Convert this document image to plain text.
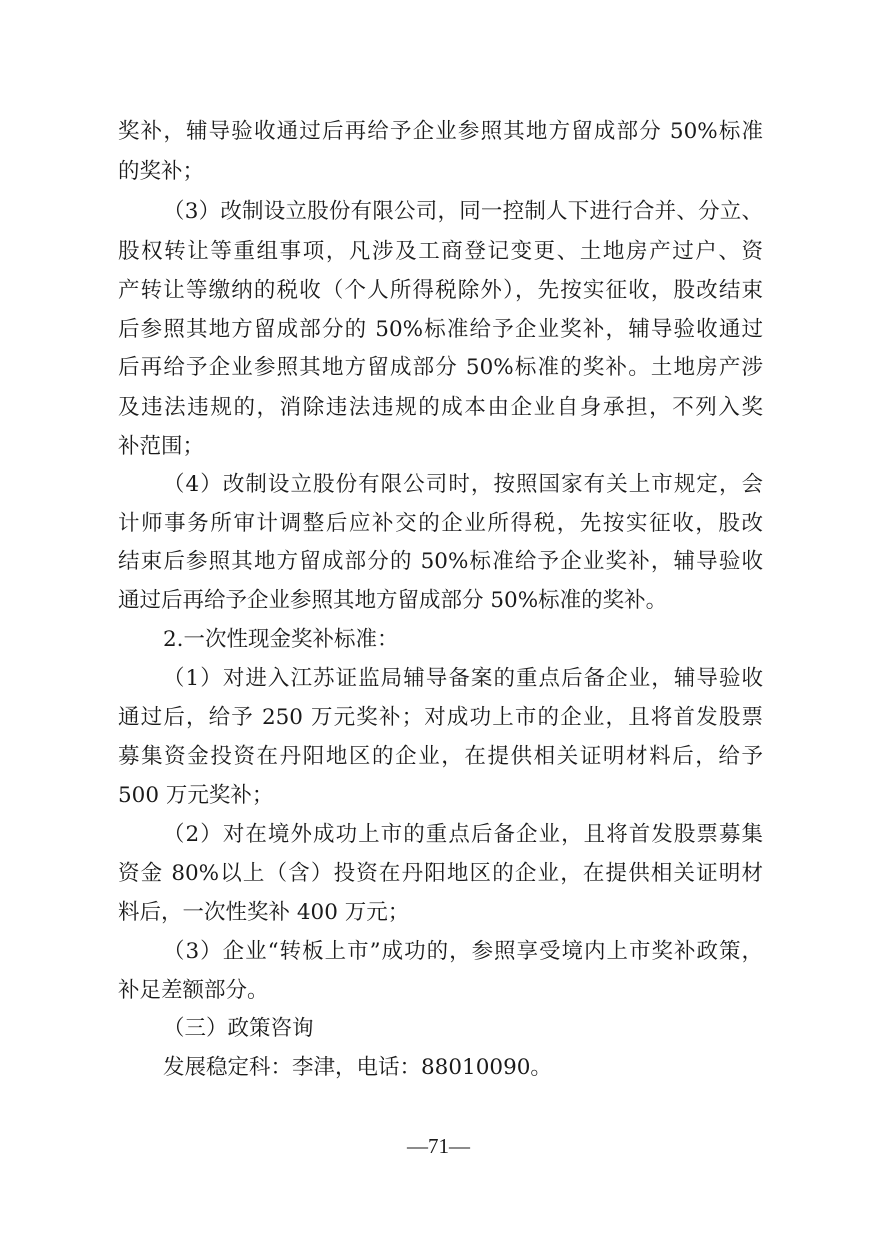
奖补，辅导验收通过后再给予企业参照其地方留成部分 50%标准
的奖补；
（3）改制设立股份有限公司，同一控制人下进行合并、分立、
股权转让等重组事项，凡涉及工商登记变更、土地房产过户、资
产转让等缴纳的税收（个人所得税除外），先按实征收，股改结束
后参照其地方留成部分的 50%标准给予企业奖补，辅导验收通过
后再给予企业参照其地方留成部分 50%标准的奖补。土地房产涉
及违法违规的，消除违法违规的成本由企业自身承担，不列入奖
补范围；
（4）改制设立股份有限公司时，按照国家有关上市规定，会
计师事务所审计调整后应补交的企业所得税，先按实征收，股改
结束后参照其地方留成部分的 50%标准给予企业奖补，辅导验收
通过后再给予企业参照其地方留成部分 50%标准的奖补。
2.一次性现金奖补标准：
（1）对进入江苏证监局辅导备案的重点后备企业，辅导验收
通过后，给予 250 万元奖补；对成功上市的企业，且将首发股票
募集资金投资在丹阳地区的企业，在提供相关证明材料后，给予
500 万元奖补；
（2）对在境外成功上市的重点后备企业，且将首发股票募集
资金 80%以上（含）投资在丹阳地区的企业，在提供相关证明材
料后，一次性奖补 400 万元；
（3）企业“转板上市”成功的，参照享受境内上市奖补政策，
补足差额部分。
（三）政策咨询
发展稳定科：李津，电话：88010090。
—71—
